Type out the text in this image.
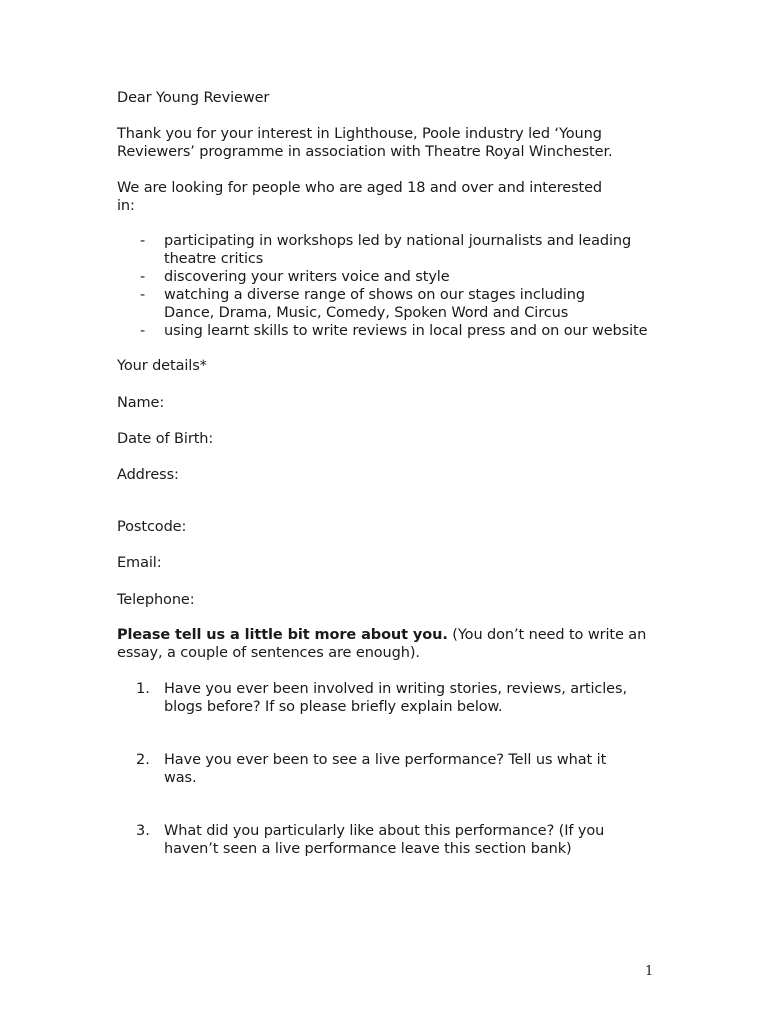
Dear Young Reviewer
Thank you for your interest in Lighthouse, Poole industry led ‘Young
Reviewers’ programme in association with Theatre Royal Winchester.
We are looking for people who are aged 18 and over and interested
in:
- participating in workshops led by national journalists and leading
theatre critics
- discovering your writers voice and style
- watching a diverse range of shows on our stages including
Dance, Drama, Music, Comedy, Spoken Word and Circus
- using learnt skills to write reviews in local press and on our website
Your details*
Name:
Date of Birth:
Address:
Postcode:
Email:
Telephone:
Please tell us a little bit more about you. (You don’t need to write an
essay, a couple of sentences are enough).
1. Have you ever been involved in writing stories, reviews, articles,
blogs before? If so please briefly explain below.
2. Have you ever been to see a live performance? Tell us what it
was.
3. What did you particularly like about this performance? (If you
haven’t seen a live performance leave this section bank)
1
